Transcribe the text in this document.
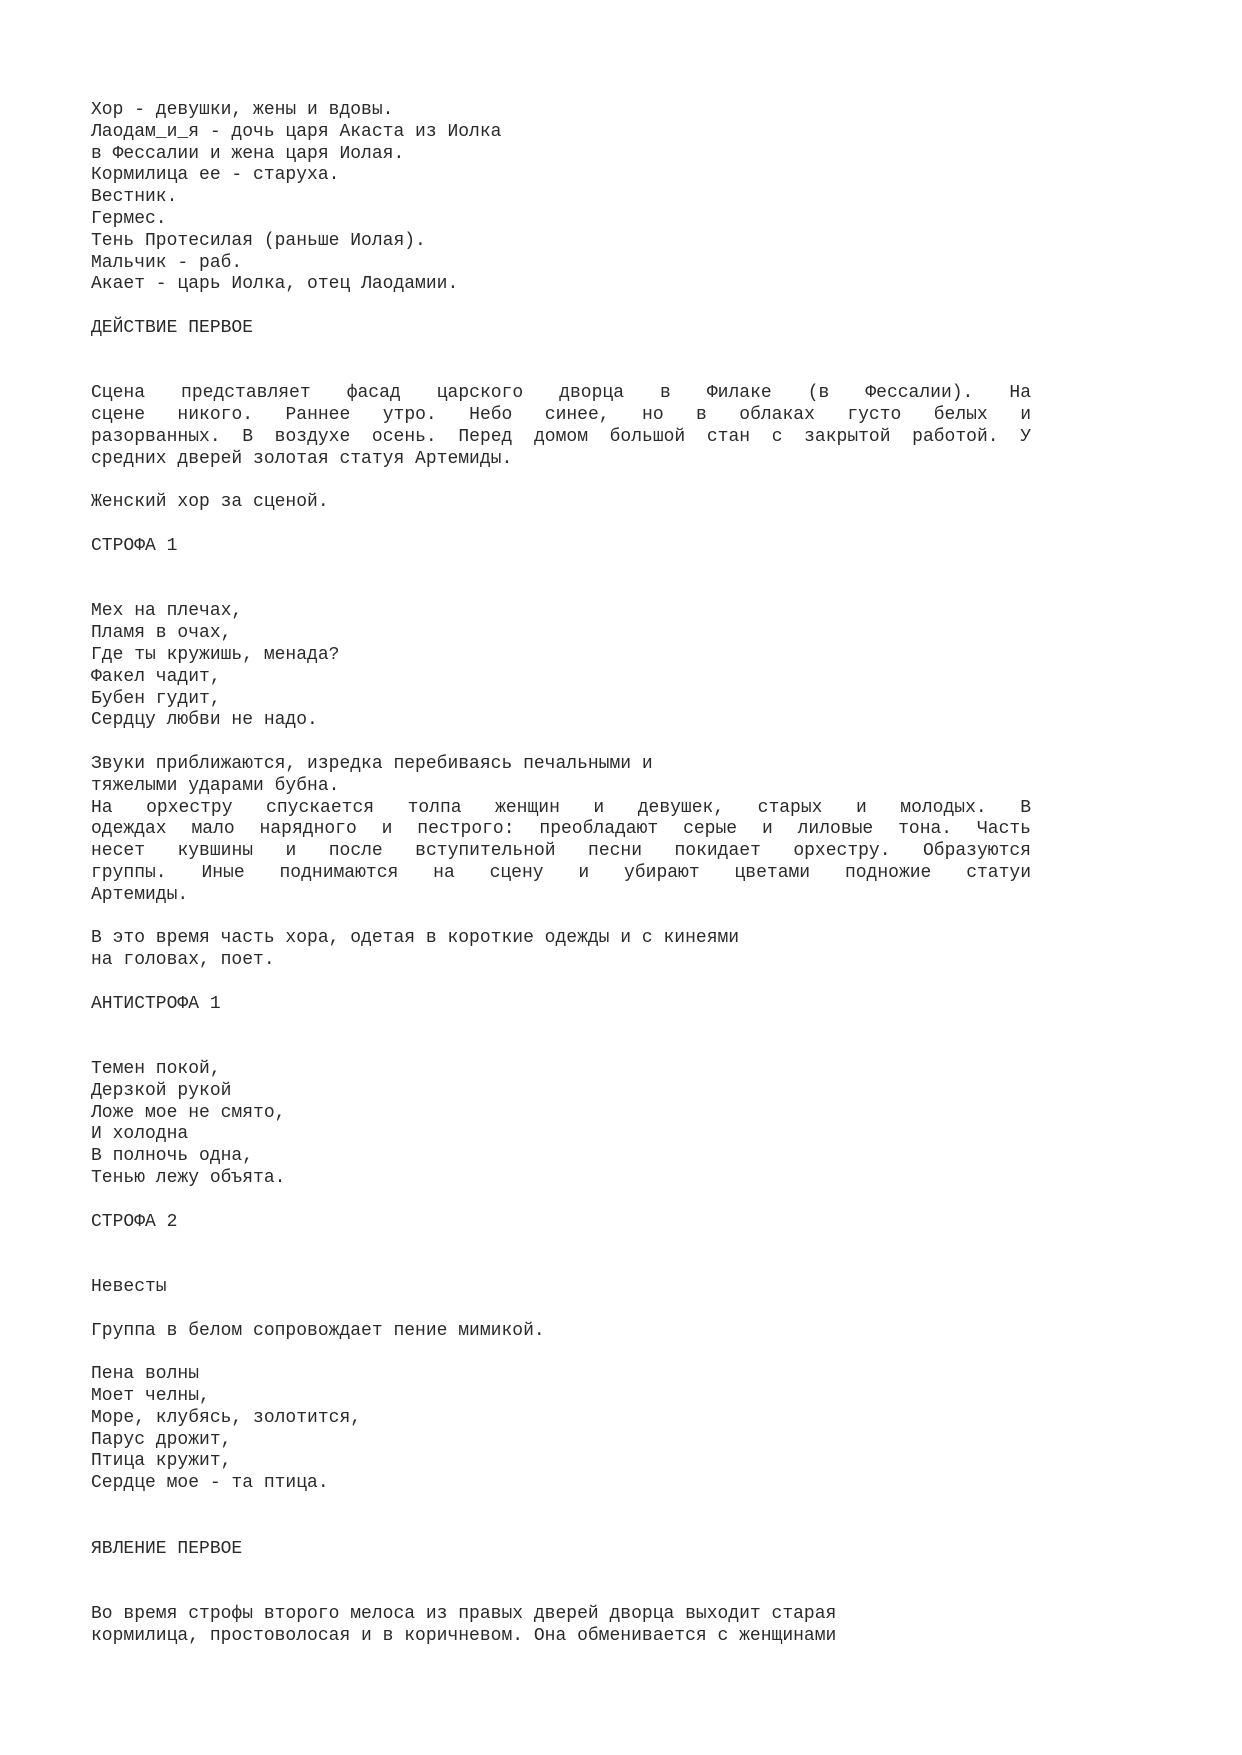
Хор - девушки, жены и вдовы.
Лаодам_и_я - дочь царя Акаста из Иолка
в Фессалии и жена царя Иолая.
Кормилица ее - старуха.
Вестник.
Гермес.
Тень Протесилая (раньше Иолая).
Мальчик - раб.
Акает - царь Иолка, отец Лаодамии.
ДЕЙСТВИЕ ПЕРВОЕ
Сцена представляет фасад царского дворца в Филаке (в Фессалии). На
сцене никого. Раннее утро. Небо синее, но в облаках густо белых и
разорванных. В воздухе осень. Перед домом большой стан с закрытой работой. У
средних дверей золотая статуя Артемиды.
Женский хор за сценой.
СТРОФА 1
Мех на плечах,
Пламя в очах,
Где ты кружишь, менада?
Факел чадит,
Бубен гудит,
Сердцу любви не надо.
Звуки приближаются, изредка перебиваясь печальными и
тяжелыми ударами бубна.
На орхестру спускается толпа женщин и девушек, старых и молодых. В
одеждах мало нарядного и пестрого: преобладают серые и лиловые тона. Часть
несет кувшины и после вступительной песни покидает орхестру. Образуются
группы. Иные поднимаются на сцену и убирают цветами подножие статуи
Артемиды.
В это время часть хора, одетая в короткие одежды и с кинеями
на головах, поет.
АНТИСТРОФА 1
Темен покой,
Дерзкой рукой
Ложе мое не смято,
И холодна
В полночь одна,
Тенью лежу объята.
СТРОФА 2
Невесты
Группа в белом сопровождает пение мимикой.
Пена волны
Моет челны,
Море, клубясь, золотится,
Парус дрожит,
Птица кружит,
Сердце мое - та птица.
ЯВЛЕНИЕ ПЕРВОЕ
Во время строфы второго мелоса из правых дверей дворца выходит старая
кормилица, простоволосая и в коричневом. Она обменивается с женщинами
